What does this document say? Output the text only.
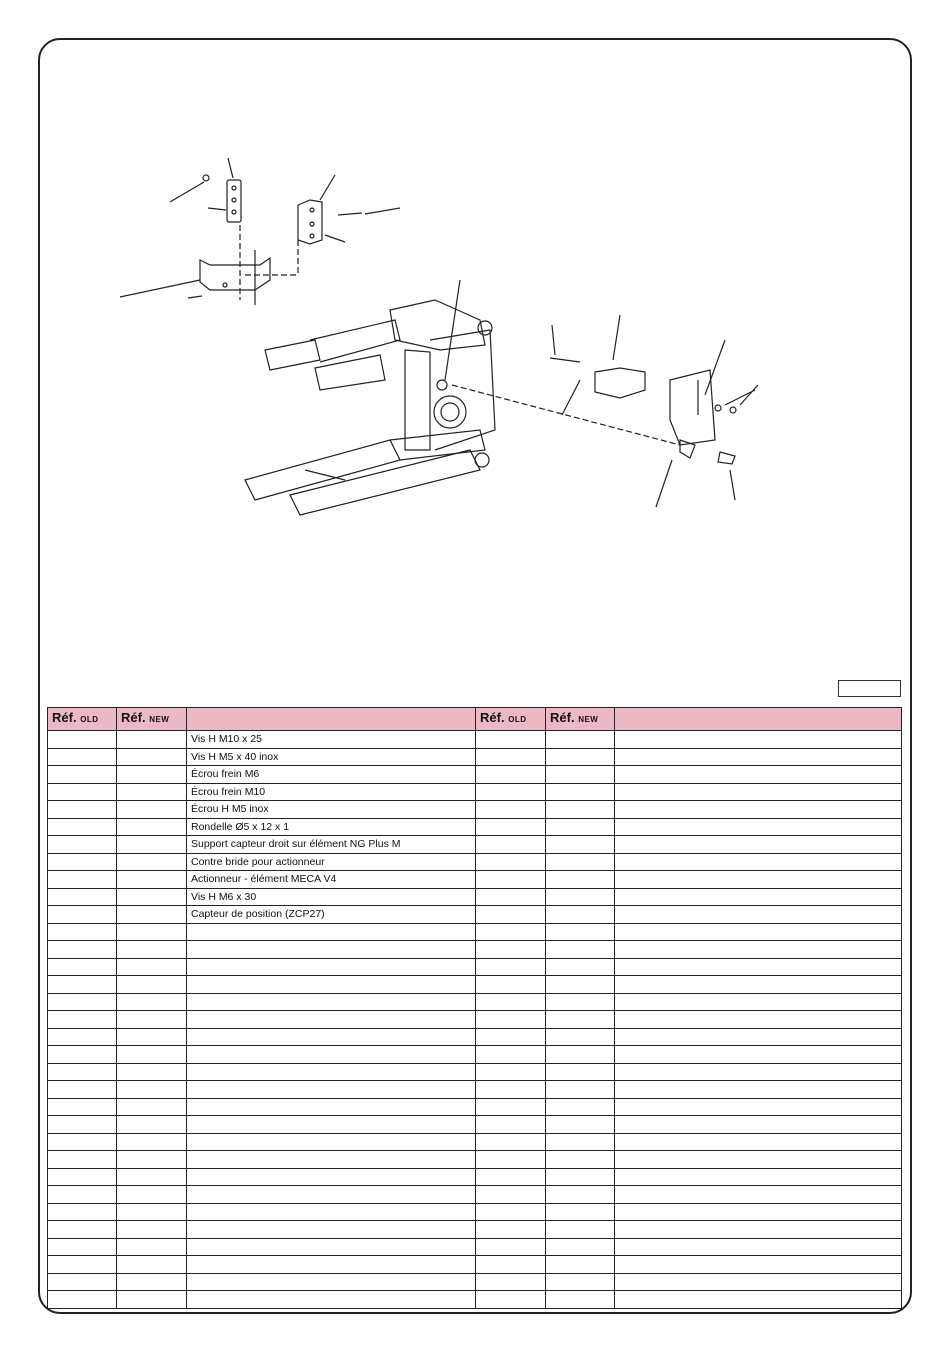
Réf. OLD	Réf. NEW		Réf. OLD	Réf. NEW	
		Vis H M10 x 25			
		Vis H M5 x 40 inox			
		Écrou frein M6			
		Écrou frein M10			
		Écrou H M5 inox			
		Rondelle Ø5 x 12 x 1			
		Support capteur droit sur élément NG Plus M			
		Contre bride pour actionneur			
		Actionneur - élément MECA V4			
		Vis H M6 x 30			
		Capteur de position (ZCP27)			
